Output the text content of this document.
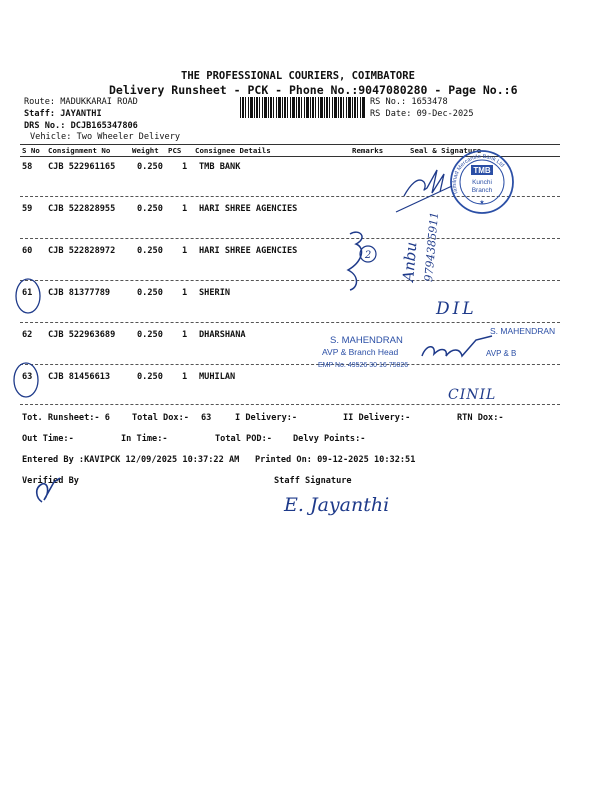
THE PROFESSIONAL COURIERS, COIMBATORE
Delivery Runsheet - PCK - Phone No.:9047080280 - Page No.:6
Route: MADUKKARAI ROAD
Staff: JAYANTHI
DRS No.: DCJB165347806
Vehicle: Two Wheeler Delivery
RS No.: 1653478
RS Date: 09-Dec-2025
S No Consignment No	Weight PCS Consignee Details	Remarks	Seal & Signature
58 CJB 522961165	0.250 1 TMB BANK
59 CJB 522828955	0.250 1 HARI SHREE AGENCIES
60 CJB 522828972	0.250 1 HARI SHREE AGENCIES
61 CJB 81377789	0.250 1 SHERIN
62 CJB 522963689	0.250 1 DHARSHANA
63 CJB 81456613	0.250 1 MUHILAN
Tot. Runsheet:- 6	Total Dox:- 63	I Delivery:-	II Delivery:-	RTN Dox:-
Out Time:-	In Time:-	Total POD:- Delvy Points:-
Entered By :KAVIPCK 12/09/2025 10:37:22 AM Printed On: 09-12-2025 10:32:51
Verified By	Staff Signature
Tamilnad Mercantile Bank Ltd
TMB
Kunchi
Branch
★
2 Anbu 9794385911
DIL
S. MAHENDRAN
AVP & Branch Head
EMP No. 49526 30 16 75026
S. MAHENDRAN
AVP & B
CINIL
E. Jayanthi
